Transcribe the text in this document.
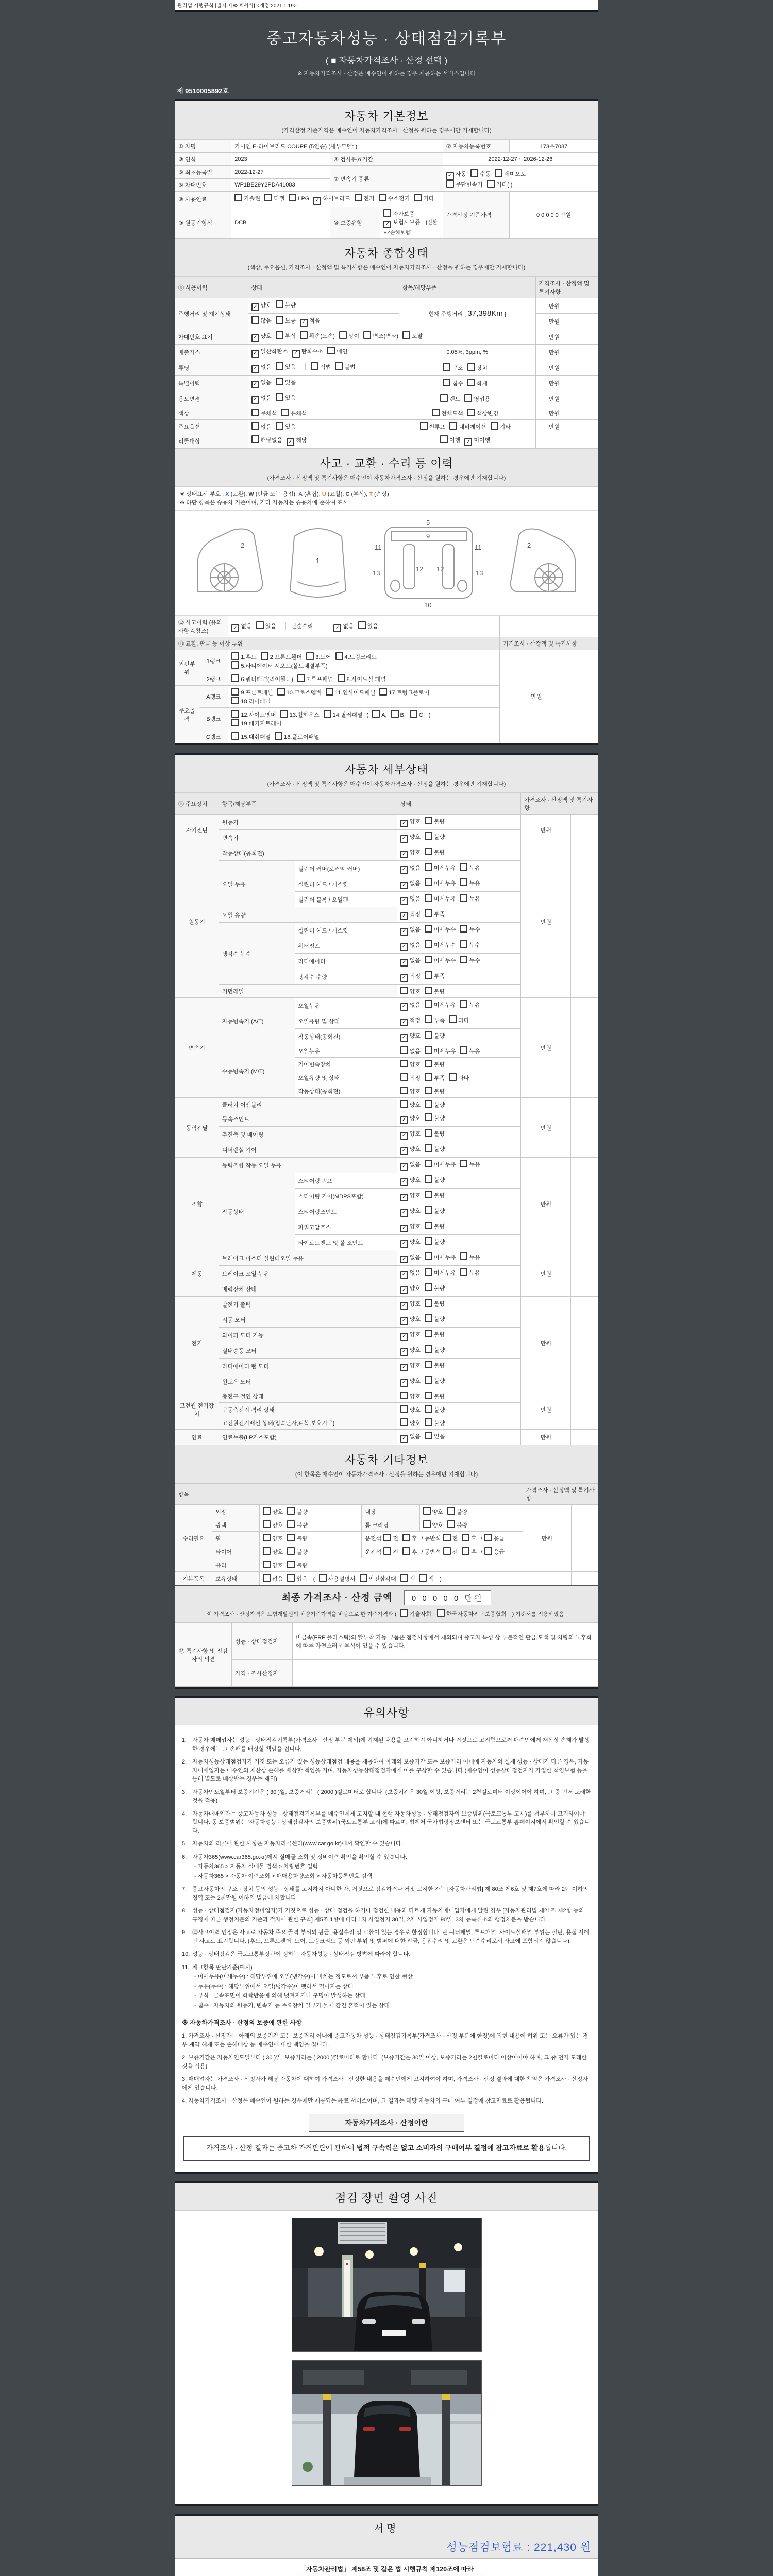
관리법 시행규칙 [별지 제82호서식] <개정 2021.1.19>
중고자동차성능 · 상태점검기록부
( ■ 자동차가격조사 · 산정 선택 )
※ 자동차가격조사 · 산정은 매수인이 원하는 경우 제공하는 서비스입니다
제 9510005892호
자동차 기본정보
(가격산정 기준가격은 매수인이 자동차가격조사 · 산정을 원하는 경우에만 기재합니다)
① 차명	카이엔 E-하이브리드 COUPE (5인승) (세부모델: )			② 자동차등록번호	173우7087
③ 연식	2023	④ 검사유효기간		2022-12-27 ~ 2026-12-26	
⑤ 최초등록일	2022-12-27	⑦ 변속기 종류		✓ 자동 수동 세미오토
무단변속기 기타( )	
⑥ 차대번호	WP1BE29Y2PDA41083				
⑧ 사용연료	가솔린 디젤 LPG ✓ 하이브리드 전기 수소전기 기타			가격산정 기준가격	0 0 0 0 0 만원
⑨ 원동기형식	DCB	⑩ 보증유형	자가보증✓ 보험사보증 [신한EZ손해보험]		
자동차 종합상태
(색상, 주요옵션, 가격조사 · 산정액 및 특기사항은 매수인이 자동차가격조사 · 산정을 원하는 경우에만 기재합니다)
⑪ 사용이력	상태	항목/해당부품	가격조사 · 산정액 및 특기사항	
주행거리 및 계기상태	✓ 양호 불량	현재 주행거리 [ 37,398Km ]	만원	
	많음 보통 ✓ 적음		만원	
차대번호 표기	✓ 양호 부식 훼손(오손) 상이 변조(변타) 도말		만원	
배출가스	✓ 일산화탄소 ✓ 탄화수소 매연	0.05%, 3ppm, %	만원	
튜닝	✓ 없음 있음 적법 불법	구조 장치	만원	
특별이력	✓ 없음 있음	침수 화재	만원	
용도변경	✓ 없음 있음	렌트 영업용	만원	
색상	무채색 유채색	전체도색 색상변경	만원	
주요옵션	없음 있음	썬루프 네비게이션 기타	만원	
리콜대상	해당없음 ✓ 해당	이행 ✓ 미이행		
사고 · 교환 · 수리 등 이력
(가격조사 · 산정액 및 특기사항은 매수인이 자동차가격조사 · 산정을 원하는 경우에만 기재합니다)
※ 상태표시 부호 : X (교환), W (판금 또는 용접), A (흠집), U (요철), C (부식), T (손상)
※ 하단 항목은 승용차 기준이며, 기타 자동차는 승용차에 준하여 표시
2
1
5
9
11	11
13	13
12 12
10
2
⑫ 사고이력 (유의사항 4.참조)		✓ 없음 있음 단순수리 ✓ 없음 있음		
⑬ 교환, 판금 등 이상 부위			가격조사 · 산정액 및 특기사항	
외판부위	1랭크	1.후드 2.프론트휀더 3.도어 4.트렁크리드
5.라디에이터 서포트(볼트체결부품)	만원	
	2랭크	6.쿼터패널(리어휀다) 7.루프패널 8.사이드실 패널		
주요골격	A랭크	9.프론트패널 10.크로스멤버 11.인사이드패널 17.트렁크플로어
18.리어패널		
	B랭크	12.사이드멤버 13.휠하우스 14.필러패널 ( A, B, C )
19.패키지트레이		
	C랭크	15.대쉬패널 16.플로어패널		
자동차 세부상태
(가격조사 · 산정액 및 특기사항은 매수인이 자동차가격조사 · 산정을 원하는 경우에만 기재합니다)
⑭ 주요장치	항목/해당부품		상태	가격조사 · 산정액 및 특기사항	
자기진단	원동기		✓ 양호 불량	만원	
	변속기		✓ 양호 불량		
원동기	작동상태(공회전)		✓ 양호 불량	만원	
	오일 누유	실린더 커버(로커암 커버)	✓ 없음 미세누유 누유		
		실린더 헤드 / 개스킷	✓ 없음 미세누유 누유		
		실린더 블록 / 오일팬	✓ 없음 미세누유 누유		
	오일 유량		✓ 적정 부족		
	냉각수 누수	실린더 헤드 / 개스킷	✓ 없음 미세누수 누수		
		워터펌프	✓ 없음 미세누수 누수		
		라디에이터	✓ 없음 미세누수 누수		
		냉각수 수량	✓ 적정 부족		
	커먼레일		양호 불량		
변속기	자동변속기 (A/T)	오일누유	✓ 없음 미세누유 누유	만원	
		오일유량 및 상태	✓ 적정 부족 과다		
		작동상태(공회전)	✓ 양호 불량		
	수동변속기 (M/T)	오일누유	없음 미세누유 누유		
		기어변속장치	양호 불량		
		오일유량 및 상태	적정 부족 과다		
		작동상태(공회전)	양호 불량		
동력전달	클러치 어셈블리		양호 불량	만원	
	등속조인트		✓ 양호 불량		
	추진축 및 베어링		✓ 양호 불량		
	디퍼렌셜 기어		✓ 양호 불량		
조향	동력조향 작동 오일 누유		✓ 없음 미세누유 누유	만원	
	작동상태	스티어링 펌프	✓ 양호 불량		
		스티어링 기어(MDPS포함)	✓ 양호 불량		
		스티어링조인트	✓ 양호 불량		
		파워고압호스	✓ 양호 불량		
		타이로드엔드 및 볼 조인트	✓ 양호 불량		
제동	브레이크 마스터 실린더오일 누유		✓ 없음 미세누유 누유	만원	
	브레이크 오일 누유		✓ 없음 미세누유 누유		
	배력장치 상태		✓ 양호 불량		
전기	발전기 출력		✓ 양호 불량	만원	
	시동 모터		✓ 양호 불량		
	와이퍼 모터 기능		✓ 양호 불량		
	실내송풍 모터		✓ 양호 불량		
	라디에이터 팬 모터		✓ 양호 불량		
	윈도우 모터		✓ 양호 불량		
고전원 전기장치	충전구 절연 상태		양호 불량	만원	
	구동축전지 격리 상태		양호 불량		
	고전원전기배선 상태(접속단자,피복,보호기구)		양호 불량		
연료	연료누출(LP가스포함)		✓ 없음 있음	만원	
자동차 기타정보
(이 항목은 매수인이 자동차가격조사 · 산정을 원하는 경우에만 기재합니다)
항목					가격조사 · 산정액 및 특기사항	
수리필요	외장	양호 불량	내장	양호 불량	만원	
	광택	양호 불량	룸 크리닝	양호 불량		
	휠	양호 불량	운전석 전 후 / 동반석 전 후 / 응급			
	타이어	양호 불량	운전석 전 후 / 동반석 전 후 / 응급			
	유리	양호 불량				
기본품목	보유상태	없음 있음 ( 사용설명서 안전삼각대 잭 잭 )				
최종 가격조사 · 산정 금액 0 0 0 0 0 만원
이 가격조사 · 산정가격은 보험개발원의 차량기준가액을 바탕으로 한 기준가격과 ( 기술사회, 한국자동차진단보증협회 ) 기준서를 적용하였음
⑮ 특기사항 및 점검자의 의견	성능 · 상태점검자	비금속(FRP 플라스틱)의 탈부착 가능 부품은 점검사항에서 제외되며 중고차 특성 상 부분적인 판금,도색 및 차량의 노후화에 따른 자연스러운 부식이 있을 수 있습니다.
	가격 · 조사산정자	
유의사항
1. 자동차 매매업자는 성능 · 상태점검기록부(가격조사 · 산정 부분 제외)에 기재된 내용을 고지하지 아니하거나 거짓으로 고지함으로써 매수인에게 재산상 손해가 발생한 경우에는 그 손해를 배상할 책임을 집니다.
2. 자동차성능상태점검자가 거짓 또는 오류가 있는 성능상태점검 내용을 제공하여 아래의 보증기간 또는 보증거리 이내에 자동차의 실제 성능 · 상태가 다른 경우, 자동차매매업자는 매수인의 재산상 손해를 배상할 책임을 지며, 자동차성능상태점검자에게 이를 구상할 수 있습니다.(매수인이 성능상태점검자가 가입한 책임보험 등을 통해 별도로 배상받는 경우는 제외)
3. 자동차인도일부터 보증기간은 ( 30 )일, 보증거리는 ( 2000 )킬로미터로 합니다. (보증기간은 30일 이상, 보증거리는 2천킬로미터 이상이어야 하며, 그 중 먼저 도래한 것을 적용)
4. 자동차매매업자는 중고자동차 성능 · 상태점검기록부를 매수인에게 고지할 때 현행 자동차성능 · 상태점검자의 보증범위(국토교통부 고시)를 첨부하여 고지하여야 합니다. 동 보증범위는 '자동차성능 · 상태점검자의 보증범위'(국토교통부 고시)에 따르며, 법제처 국가법령정보센터 또는 국토교통부 홈페이지에서 확인할 수 있습니다.
5. 자동차의 리콜에 관한 사항은 자동차리콜센터(www.car.go.kr)에서 확인할 수 있습니다.
6. 자동차365(www.car365.go.kr)에서 실매물 조회 및 정비이력 확인을 확인할 수 있습니다.
- 자동차365 > 자동차 실매물 검색 > 차량번호 입력
- 자동차365 > 자동차 이력조회 > 매매용차량조회 > 자동차등록번호 검색
7. 중고자동차의 구조 · 장치 등의 성능 · 상태를 고지하지 아니한 자, 거짓으로 점검하거나 거짓 고지한 자는 [자동차관리법] 제 80조 제6호 및 제7호에 따라 2년 이하의 징역 또는 2천만원 이하의 벌금에 처합니다.
8. 성능 · 상태점검자(자동차정비업자)가 거짓으로 성능 · 상태 점검을 하거나 점검한 내용과 다르게 자동차매매업자에게 알린 경우 [자동차관리법 제21조 제2항 등의 규정에 따른 행정처분의 기준과 절차에 관한 규칙] 제5조 1항에 따라 1차 사업정지 30일, 2차 사업정지 90일, 3차 등록취소의 행정처분을 받습니다.
9. ⑫사고이력 인정은 사고로 자동차 주요 골격 부위의 판금, 용접수리 및 교환이 있는 경우로 한정합니다. 단 쿼터패널, 루프패널, 사이드실패널 부위는 절단, 용접 시에만 사고로 표기합니다. (후드, 프론트펜더, 도어, 트렁크리드 등 외판 부위 및 범퍼에 대한 판금, 용접수리 및 교환은 단순수리로서 사고에 포함되지 않습니다)
10. 성능 · 상태점검은 국토교통부장관이 정하는 자동차성능 · 상태점검 방법에 따라야 합니다.
11. 체크항목 판단기준(예시)
- 미세누유(미세누수) : 해당부위에 오일(냉각수)이 비치는 정도로서 부품 노후로 인한 현상
- 누유(누수) : 해당부위에서 오일(냉각수)이 맺혀서 떨어지는 상태
- 부식 : 금속표면이 화학반응에 의해 벗겨지거나 구멍이 발생하는 상태
- 침수 : 자동차의 원동기, 변속기 등 주요장치 일부가 물에 잠긴 흔적이 있는 상태
※ 자동차가격조사 · 산정의 보증에 관한 사항
1. 가격조사 · 산정자는 아래의 보증기간 또는 보증거리 이내에 중고자동차 성능 · 상태점검기록부(가격조사 · 산정 부분에 한정)에 적힌 내용에 허위 또는 오류가 있는 경우 계약 해제 또는 손해배상 등 매수인에 대한 책임을 집니다.
2. 보증기간은 자동차인도일부터 ( 30 )일, 보증거리는 ( 2000 )킬로미터로 합니다. (보증기간은 30일 이상, 보증거리는 2천킬로미터 이상이어야 하며, 그 중 먼저 도래한 것을 적용)
3. 매매업자는 가격조사 · 산정자가 해당 자동차에 대하여 가격조사 · 산정한 내용을 매수인에게 고지하여야 하며, 가격조사 · 산정 결과에 대한 책임은 가격조사 · 산정자에게 있습니다.
4. 자동차가격조사 · 산정은 매수인이 원하는 경우에만 제공되는 유료 서비스이며, 그 결과는 해당 자동차의 구매 여부 결정에 참고자료로 활용됩니다.
자동차가격조사 · 산정이란
가격조사 · 산정 결과는 중고차 가격판단에 관하여 법적 구속력은 없고 소비자의 구매여부 결정에 참고자료로 활용됩니다.
점검 장면 촬영 사진
서명
성능점검보험료 : 221,430 원
「자동차관리법」 제58조 및 같은 법 시행규칙 제120조에 따라
